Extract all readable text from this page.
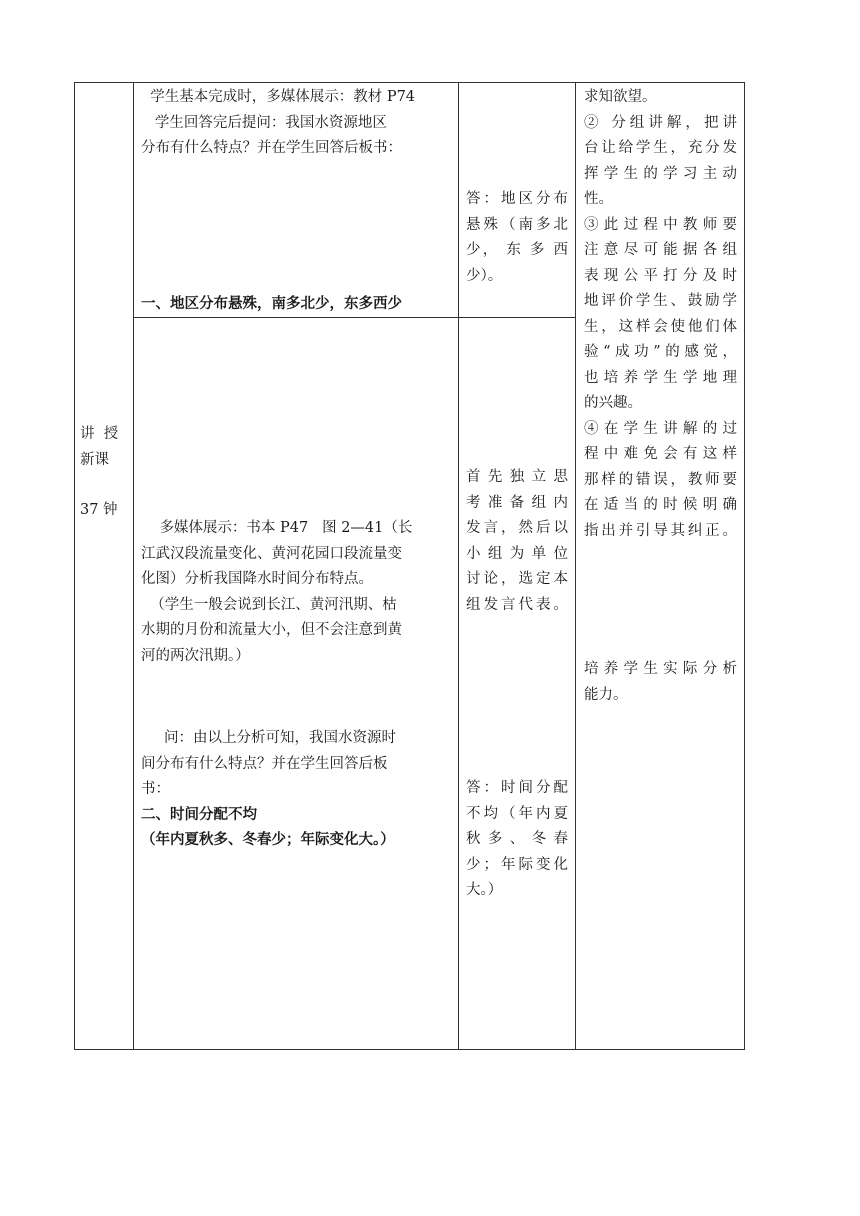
讲  授

新课

37 钟

学生基本完成时，多媒体展示：教材 P74

学生回答完后提问：我国水资源地区

分布有什么特点？并在学生回答后板书：

一、地区分布悬殊，南多北少，东多西少

答：地区分布

悬殊（南多北

少， 东 多 西

少）。

多媒体展示：书本 P47   图 2—41（长

江武汉段流量变化、黄河花园口段流量变

化图）分析我国降水时间分布特点。

（学生一般会说到长江、黄河汛期、枯

水期的月份和流量大小，但不会注意到黄

河的两次汛期。）

问：由以上分析可知，我国水资源时

间分布有什么特点？并在学生回答后板

书：

二、时间分配不均

（年内夏秋多、冬春少；年际变化大。）

首先独立思

考准备组内

发言，然后以

小组为单位

讨论，选定本

组发言代表。

答：时间分配

不均（年内夏

秋 多 、 冬 春

少；年际变化

大。）

求知欲望。

② 分组讲解，把讲

台让给学生，充分发

挥学生的学习主动

性。

③此过程中教师要

注意尽可能据各组

表现公平打分及时

地评价学生、鼓励学

生，这样会使他们体

验“成功”的感觉，

也培养学生学地理

的兴趣。

④在学生讲解的过

程中难免会有这样

那样的错误，教师要

在适当的时候明确

指出并引导其纠正。

培养学生实际分析

能力。
